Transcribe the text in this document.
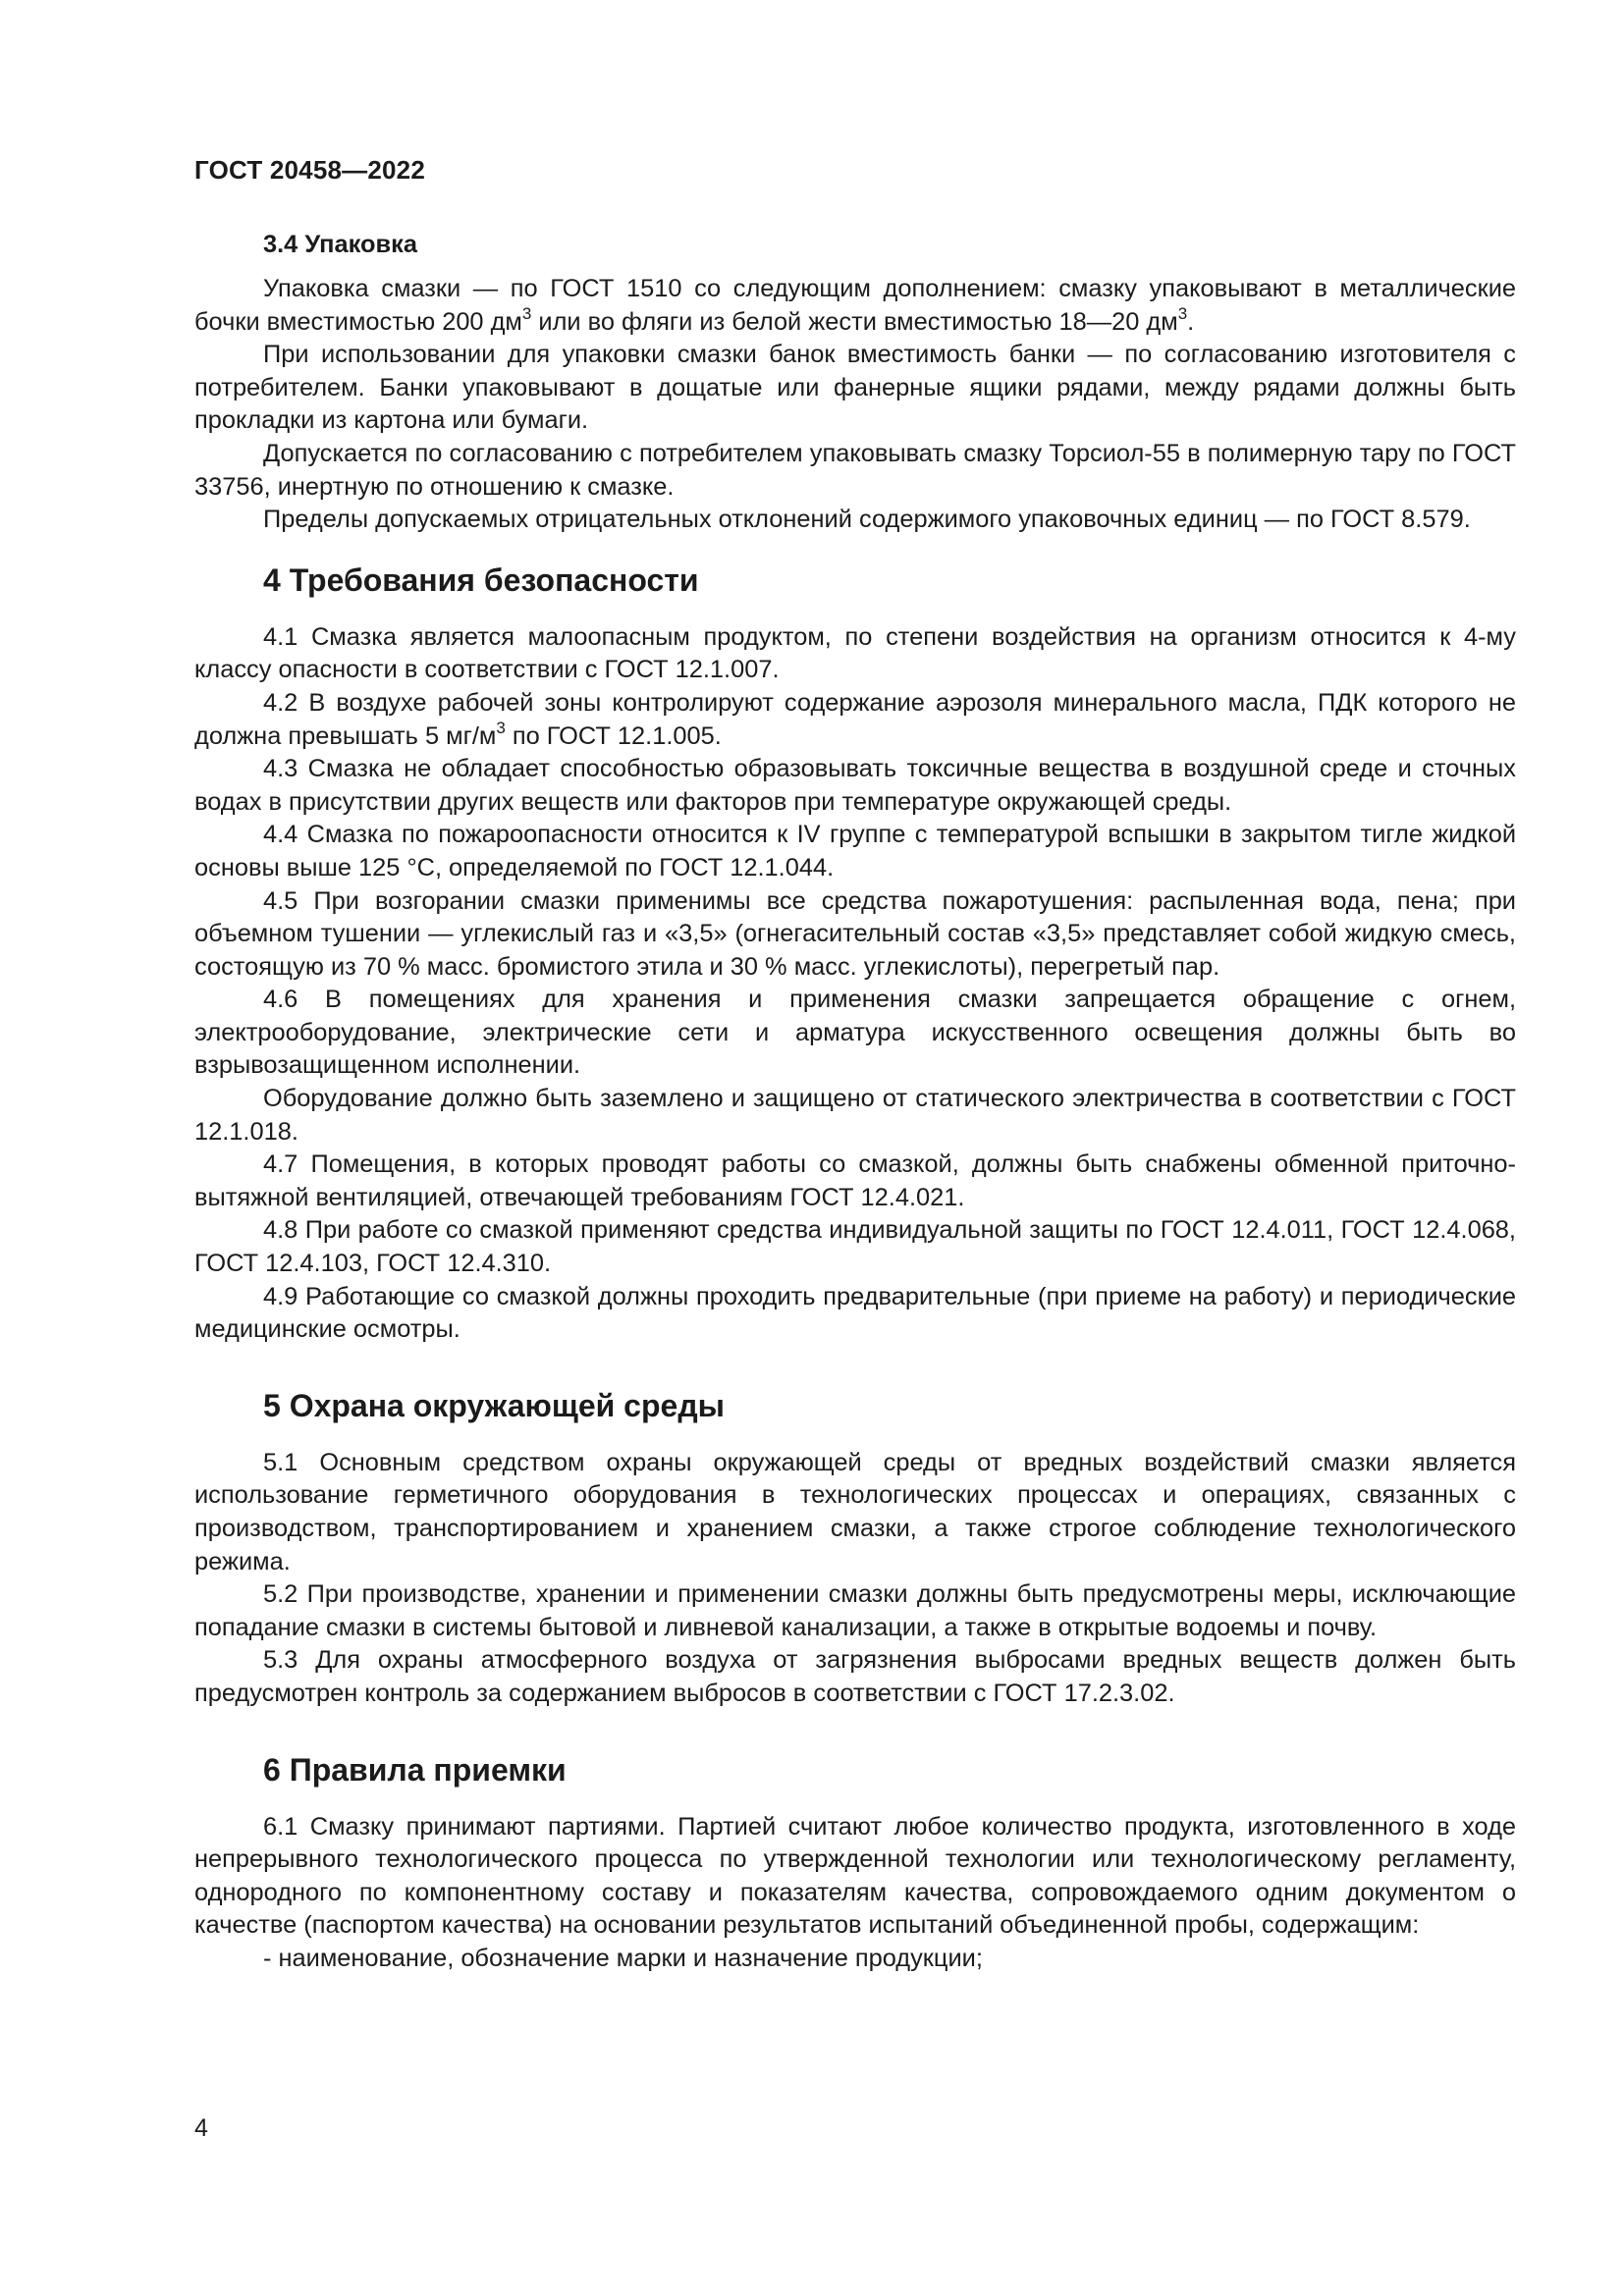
ГОСТ 20458—2022
3.4 Упаковка

Упаковка смазки — по ГОСТ 1510 со следующим дополнением: смазку упаковывают в металлические бочки вместимостью 200 $дм^3$ или во фляги из белой жести вместимостью 18—20 $дм^3$.

При использовании для упаковки смазки банок вместимость банки — по согласованию изготовителя с потребителем. Банки упаковывают в дощатые или фанерные ящики рядами, между рядами должны быть прокладки из картона или бумаги.

Допускается по согласованию с потребителем упаковывать смазку Торсиол-55 в полимерную тару по ГОСТ 33756, инертную по отношению к смазке.

Пределы допускаемых отрицательных отклонений содержимого упаковочных единиц — по ГОСТ 8.579.

4 Требования безопасности

4.1 Смазка является малоопасным продуктом, по степени воздействия на организм относится к 4-му классу опасности в соответствии с ГОСТ 12.1.007.

4.2 В воздухе рабочей зоны контролируют содержание аэрозоля минерального масла, ПДК которого не должна превышать 5 $мг/м^3$ по ГОСТ 12.1.005.

4.3 Смазка не обладает способностью образовывать токсичные вещества в воздушной среде и сточных водах в присутствии других веществ или факторов при температуре окружающей среды.

4.4 Смазка по пожароопасности относится к IV группе с температурой вспышки в закрытом тигле жидкой основы выше 125 °С, определяемой по ГОСТ 12.1.044.

4.5 При возгорании смазки применимы все средства пожаротушения: распыленная вода, пена; при объемном тушении — углекислый газ и «3,5» (огнегасительный состав «3,5» представляет собой жидкую смесь, состоящую из 70 % масс. бромистого этила и 30 % масс. углекислоты), перегретый пар.

4.6 В помещениях для хранения и применения смазки запрещается обращение с огнем, электрооборудование, электрические сети и арматура искусственного освещения должны быть во взрывозащищенном исполнении.

Оборудование должно быть заземлено и защищено от статического электричества в соответствии с ГОСТ 12.1.018.

4.7 Помещения, в которых проводят работы со смазкой, должны быть снабжены обменной приточно-вытяжной вентиляцией, отвечающей требованиям ГОСТ 12.4.021.

4.8 При работе со смазкой применяют средства индивидуальной защиты по ГОСТ 12.4.011, ГОСТ 12.4.068, ГОСТ 12.4.103, ГОСТ 12.4.310.

4.9 Работающие со смазкой должны проходить предварительные (при приеме на работу) и периодические медицинские осмотры.

5 Охрана окружающей среды

5.1 Основным средством охраны окружающей среды от вредных воздействий смазки является использование герметичного оборудования в технологических процессах и операциях, связанных с производством, транспортированием и хранением смазки, а также строгое соблюдение технологического режима.

5.2 При производстве, хранении и применении смазки должны быть предусмотрены меры, исключающие попадание смазки в системы бытовой и ливневой канализации, а также в открытые водоемы и почву.

5.3 Для охраны атмосферного воздуха от загрязнения выбросами вредных веществ должен быть предусмотрен контроль за содержанием выбросов в соответствии с ГОСТ 17.2.3.02.

6 Правила приемки

6.1 Смазку принимают партиями. Партией считают любое количество продукта, изготовленного в ходе непрерывного технологического процесса по утвержденной технологии или технологическому регламенту, однородного по компонентному составу и показателям качества, сопровождаемого одним документом о качестве (паспортом качества) на основании результатов испытаний объединенной пробы, содержащим:

- наименование, обозначение марки и назначение продукции;

4
